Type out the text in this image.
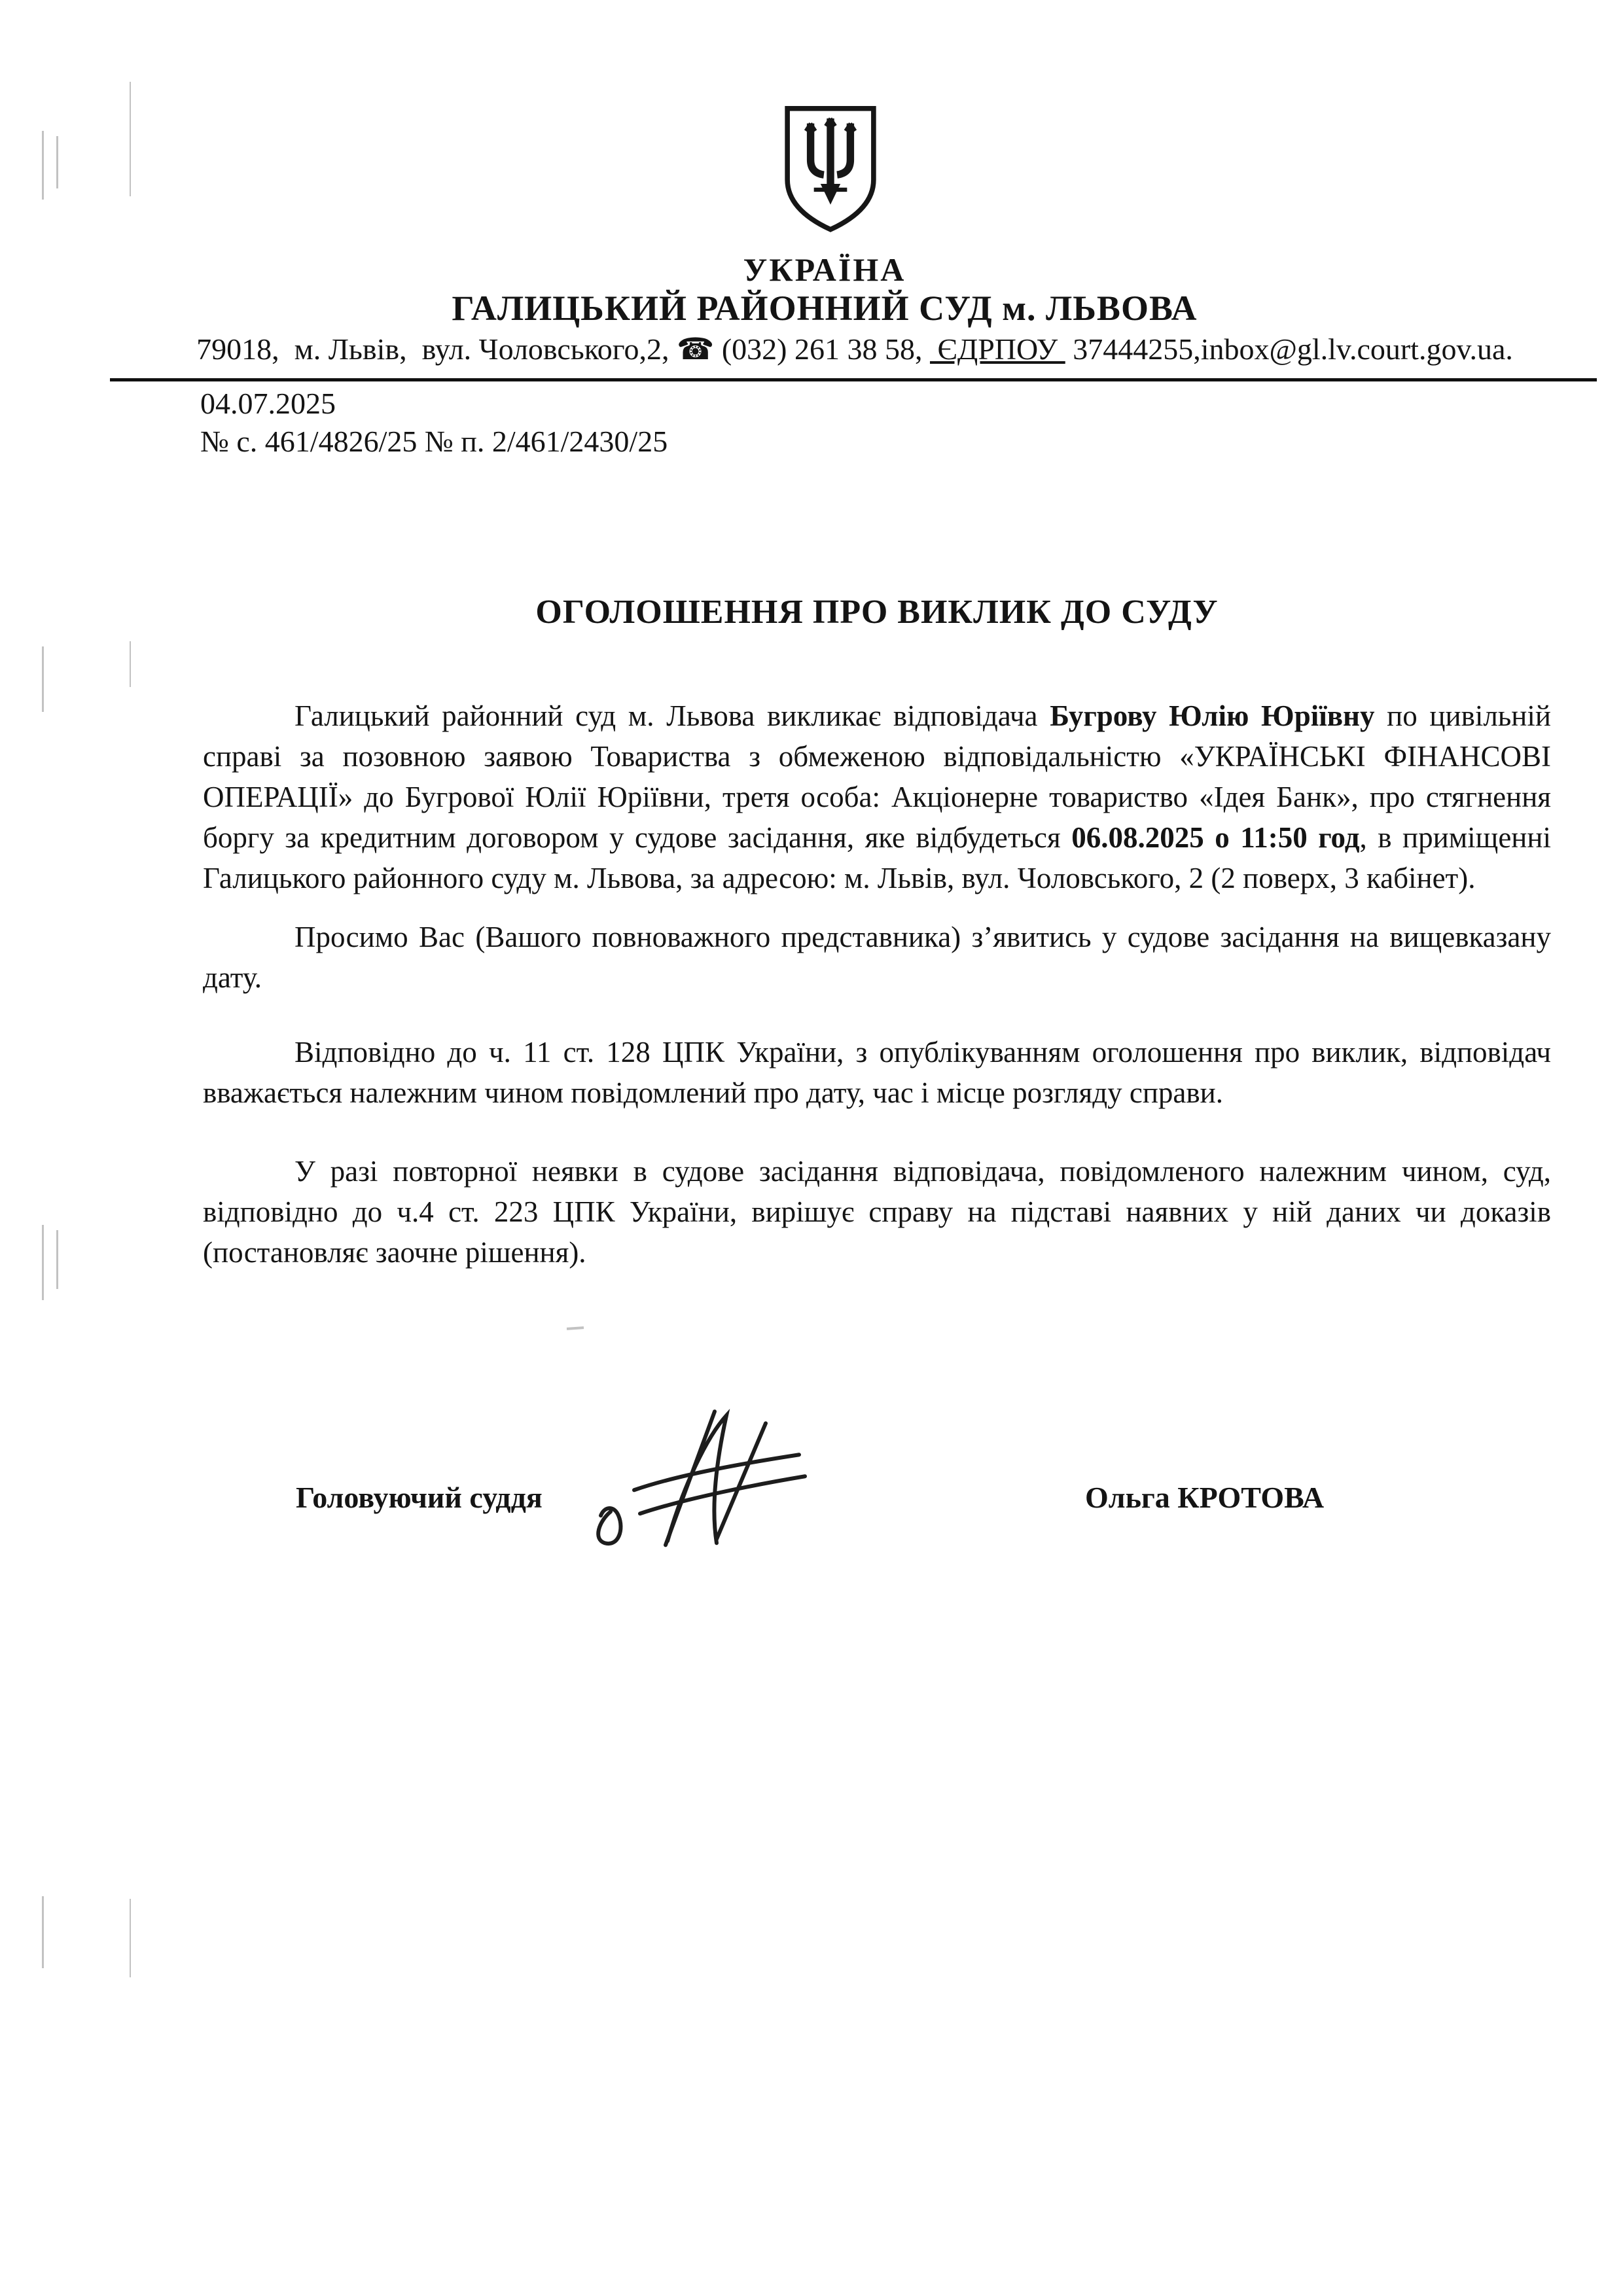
УКРАЇНА
ГАЛИЦЬКИЙ РАЙОННИЙ СУД м. ЛЬВОВА
79018,  м. Львів,  вул. Чоловського,2, ☎ (032) 261 38 58,  ЄДРПОУ  37444255,inbox@gl.lv.court.gov.ua.
04.07.2025
№ с. 461/4826/25 № п. 2/461/2430/25
ОГОЛОШЕННЯ ПРО ВИКЛИК ДО СУДУ
Галицький районний суд м. Львова викликає відповідача Бугрову Юлію Юріївну по цивільній справі за позовною заявою Товариства з обмеженою відповідальністю «УКРАЇНСЬКІ ФІНАНСОВІ ОПЕРАЦІЇ» до Бугрової Юлії Юріївни, третя особа: Акціонерне товариство «Ідея Банк», про стягнення боргу за кредитним договором у судове засідання, яке відбудеться 06.08.2025 о 11:50 год, в приміщенні Галицького районного суду м. Львова, за адресою: м. Львів, вул. Чоловського, 2 (2 поверх, 3 кабінет).
Просимо Вас (Вашого повноважного представника) з’явитись у судове засідання на вищевказану дату.
Відповідно до ч. 11 ст. 128 ЦПК України, з опублікуванням оголошення про виклик, відповідач вважається належним чином повідомлений про дату, час і місце розгляду справи.
У разі повторної неявки в судове засідання відповідача, повідомленого належним чином, суд, відповідно до ч.4 ст. 223 ЦПК України, вирішує справу на підставі наявних у ній даних чи доказів (постановляє заочне рішення).
Головуючий суддя	Ольга КРОТОВА
